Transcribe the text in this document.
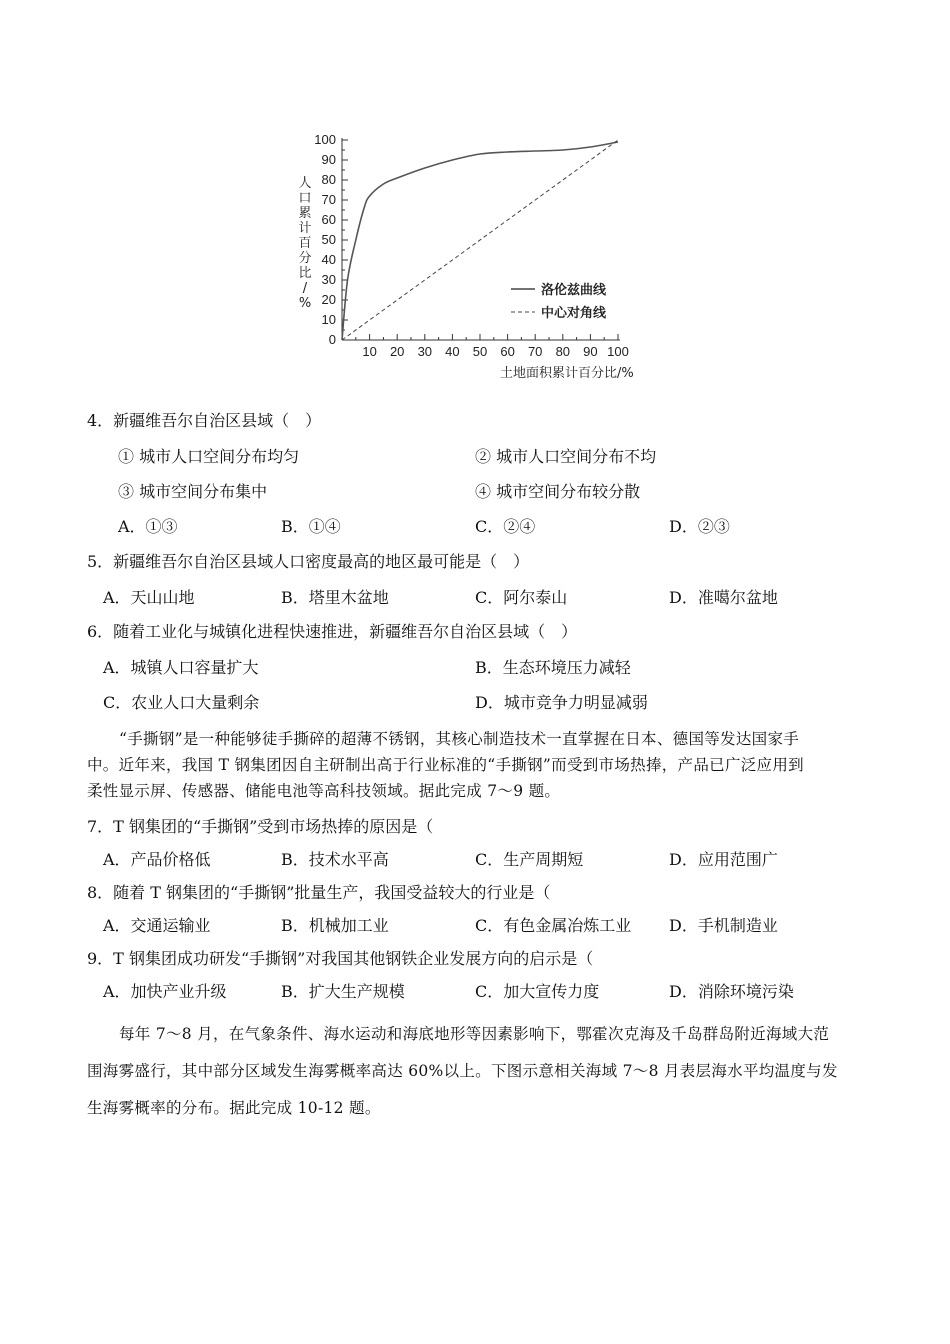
0
10
20
30
40
50
60
70
80
90
100
10 20 30 40 50 60 70 80 90 100
洛伦兹曲线
中心对角线
人口累计百分比/ %
土地面积累计百分比/%
4．新疆维吾尔自治区县域（　）
① 城市人口空间分布均匀	② 城市人口空间分布不均
③ 城市空间分布集中	④ 城市空间分布较分散
A．①③	B．①④	C．②④	D．②③
5．新疆维吾尔自治区县域人口密度最高的地区最可能是（　）
A．天山山地	B．塔里木盆地	C．阿尔泰山	D．准噶尔盆地
6．随着工业化与城镇化进程快速推进，新疆维吾尔自治区县域（　）
A．城镇人口容量扩大	B．生态环境压力减轻
C．农业人口大量剩余	D．城市竞争力明显减弱
“手撕钢”是一种能够徒手撕碎的超薄不锈钢，其核心制造技术一直掌握在日本、德国等发达国家手
中。近年来，我国 T 钢集团因自主研制出高于行业标准的“手撕钢”而受到市场热捧，产品已广泛应用到
柔性显示屏、传感器、储能电池等高科技领域。据此完成 7～9 题。
7．T 钢集团的“手撕钢”受到市场热捧的原因是（
A．产品价格低	B．技术水平高	C．生产周期短	D．应用范围广
8．随着 T 钢集团的“手撕钢”批量生产，我国受益较大的行业是（
A．交通运输业	B．机械加工业	C．有色金属冶炼工业 D．手机制造业
9．T 钢集团成功研发“手撕钢”对我国其他钢铁企业发展方向的启示是（
A．加快产业升级	B．扩大生产规模	C．加大宣传力度	D．消除环境污染
每年 7～8 月，在气象条件、海水运动和海底地形等因素影响下，鄂霍次克海及千岛群岛附近海域大范
围海雾盛行，其中部分区域发生海雾概率高达 60%以上。下图示意相关海域 7～8 月表层海水平均温度与发
生海雾概率的分布。据此完成 10-12 题。
